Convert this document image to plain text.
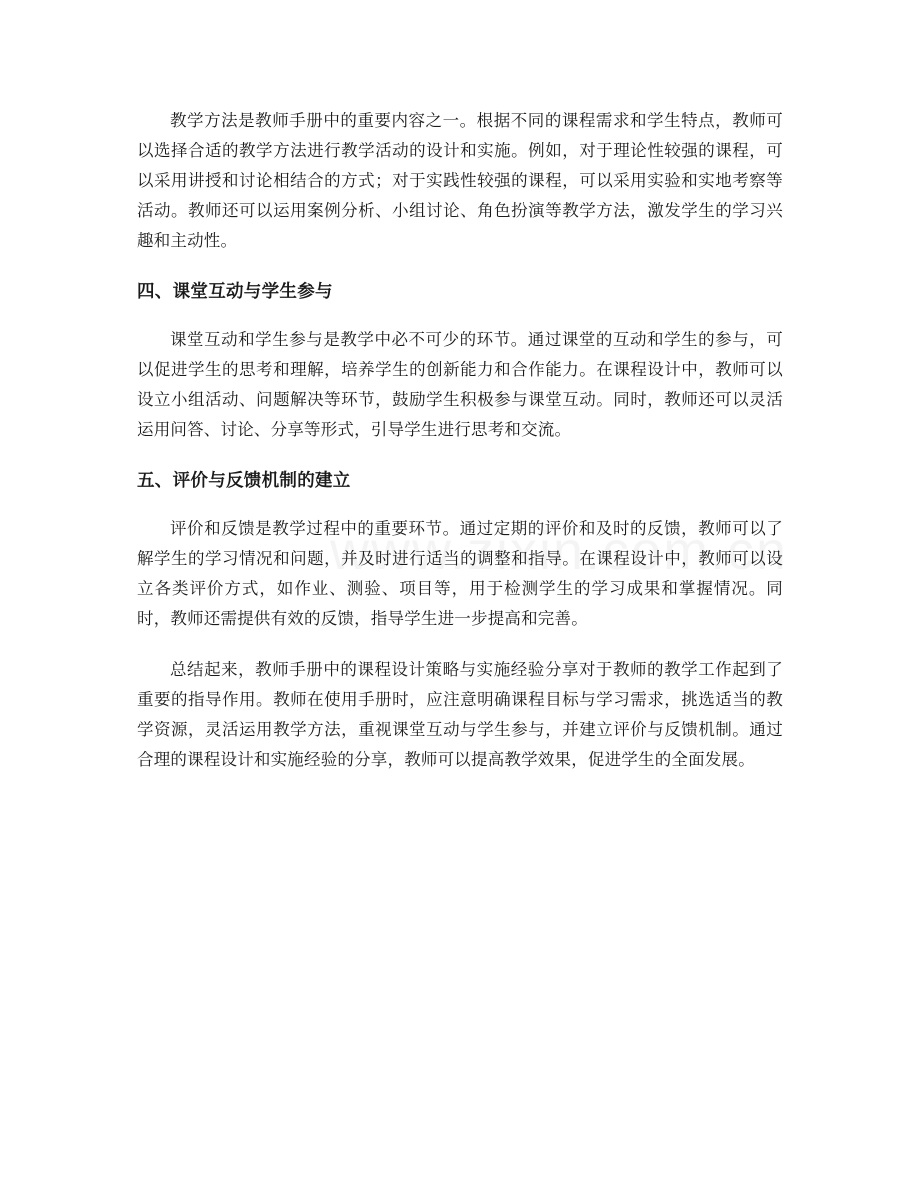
教学方法是教师手册中的重要内容之一。根据不同的课程需求和学生特点，教师可以选择合适的教学方法进行教学活动的设计和实施。例如，对于理论性较强的课程，可以采用讲授和讨论相结合的方式；对于实践性较强的课程，可以采用实验和实地考察等活动。教师还可以运用案例分析、小组讨论、角色扮演等教学方法，激发学生的学习兴趣和主动性。

四、课堂互动与学生参与

课堂互动和学生参与是教学中必不可少的环节。通过课堂的互动和学生的参与，可以促进学生的思考和理解，培养学生的创新能力和合作能力。在课程设计中，教师可以设立小组活动、问题解决等环节，鼓励学生积极参与课堂互动。同时，教师还可以灵活运用问答、讨论、分享等形式，引导学生进行思考和交流。

五、评价与反馈机制的建立

评价和反馈是教学过程中的重要环节。通过定期的评价和及时的反馈，教师可以了解学生的学习情况和问题，并及时进行适当的调整和指导。在课程设计中，教师可以设立各类评价方式，如作业、测验、项目等，用于检测学生的学习成果和掌握情况。同时，教师还需提供有效的反馈，指导学生进一步提高和完善。

总结起来，教师手册中的课程设计策略与实施经验分享对于教师的教学工作起到了重要的指导作用。教师在使用手册时，应注意明确课程目标与学习需求，挑选适当的教学资源，灵活运用教学方法，重视课堂互动与学生参与，并建立评价与反馈机制。通过合理的课程设计和实施经验的分享，教师可以提高教学效果，促进学生的全面发展。
